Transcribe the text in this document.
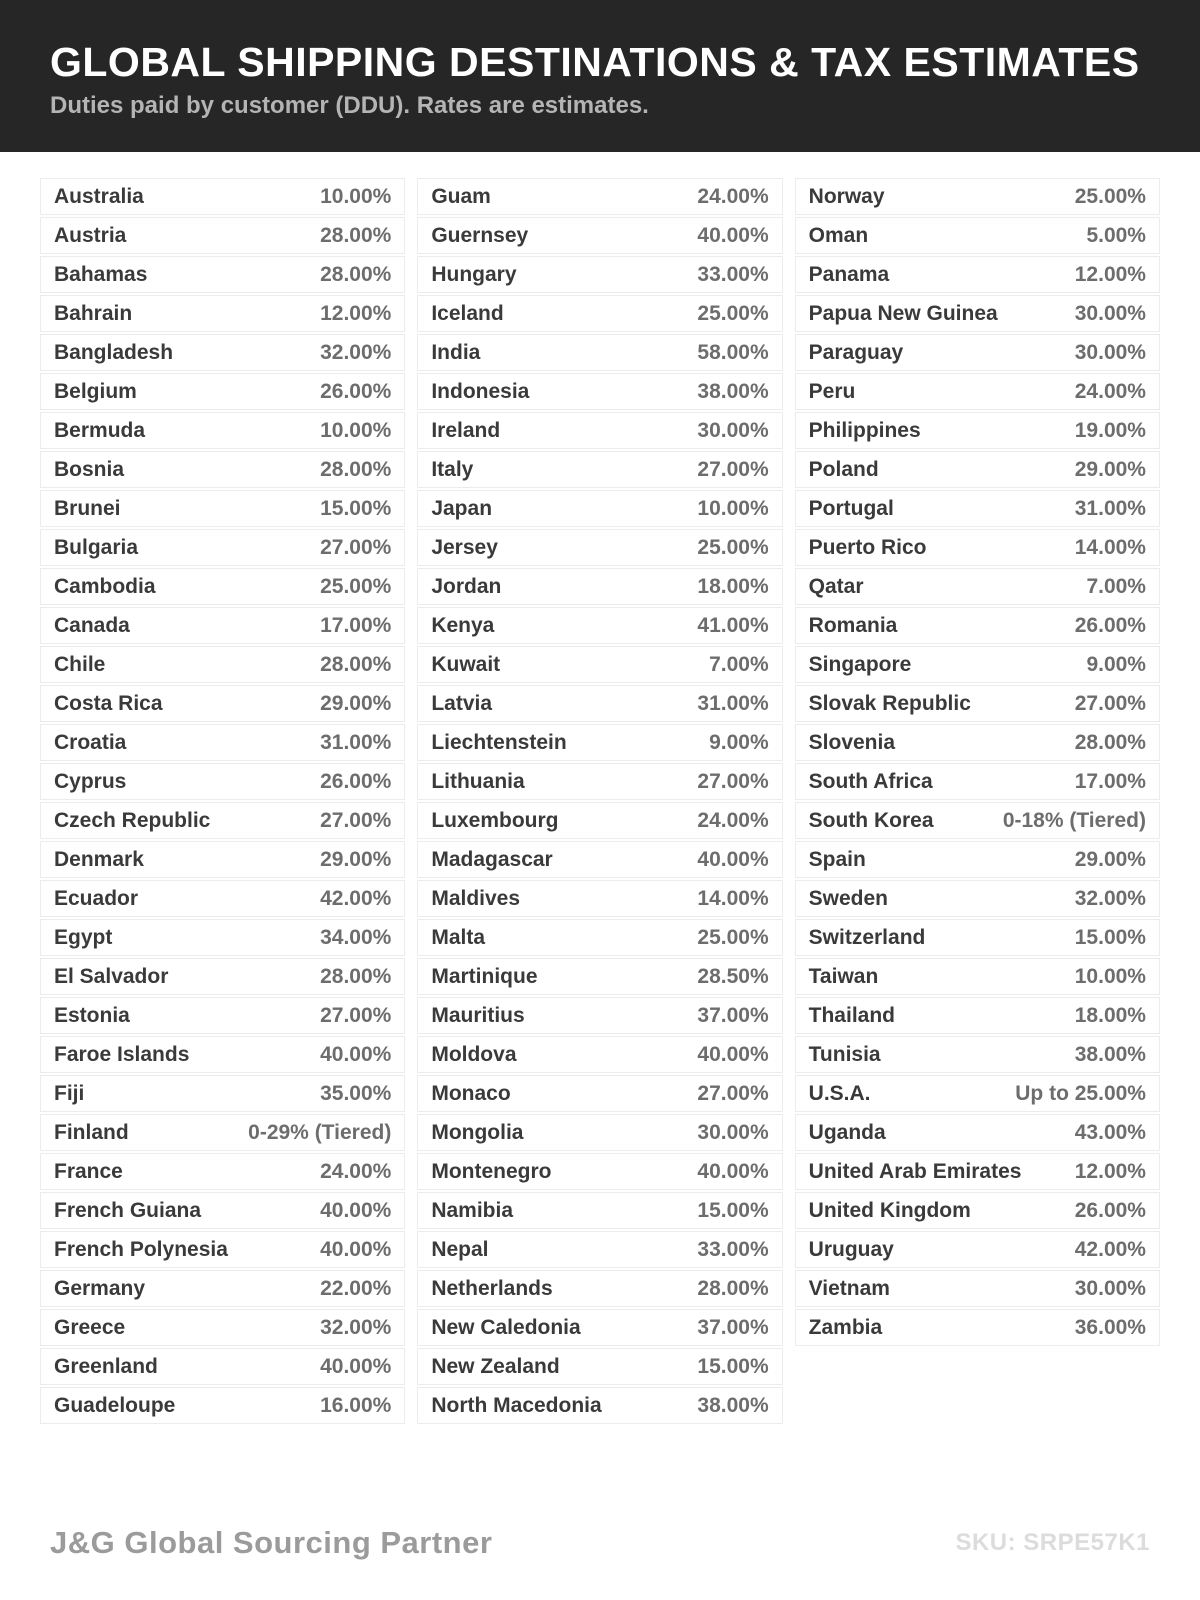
GLOBAL SHIPPING DESTINATIONS & TAX ESTIMATES

Duties paid by customer (DDU). Rates are estimates.

Australia	10.00%
Austria	28.00%
Bahamas	28.00%
Bahrain	12.00%
Bangladesh	32.00%
Belgium	26.00%
Bermuda	10.00%
Bosnia	28.00%
Brunei	15.00%
Bulgaria	27.00%
Cambodia	25.00%
Canada	17.00%
Chile	28.00%
Costa Rica	29.00%
Croatia	31.00%
Cyprus	26.00%
Czech Republic	27.00%
Denmark	29.00%
Ecuador	42.00%
Egypt	34.00%
El Salvador	28.00%
Estonia	27.00%
Faroe Islands	40.00%
Fiji	35.00%
Finland	0-29% (Tiered)
France	24.00%
French Guiana	40.00%
French Polynesia	40.00%
Germany	22.00%
Greece	32.00%
Greenland	40.00%
Guadeloupe	16.00%
Guam	24.00%
Guernsey	40.00%
Hungary	33.00%
Iceland	25.00%
India	58.00%
Indonesia	38.00%
Ireland	30.00%
Italy	27.00%
Japan	10.00%
Jersey	25.00%
Jordan	18.00%
Kenya	41.00%
Kuwait	7.00%
Latvia	31.00%
Liechtenstein	9.00%
Lithuania	27.00%
Luxembourg	24.00%
Madagascar	40.00%
Maldives	14.00%
Malta	25.00%
Martinique	28.50%
Mauritius	37.00%
Moldova	40.00%
Monaco	27.00%
Mongolia	30.00%
Montenegro	40.00%
Namibia	15.00%
Nepal	33.00%
Netherlands	28.00%
New Caledonia	37.00%
New Zealand	15.00%
North Macedonia	38.00%
Norway	25.00%
Oman	5.00%
Panama	12.00%
Papua New Guinea	30.00%
Paraguay	30.00%
Peru	24.00%
Philippines	19.00%
Poland	29.00%
Portugal	31.00%
Puerto Rico	14.00%
Qatar	7.00%
Romania	26.00%
Singapore	9.00%
Slovak Republic	27.00%
Slovenia	28.00%
South Africa	17.00%
South Korea	0-18% (Tiered)
Spain	29.00%
Sweden	32.00%
Switzerland	15.00%
Taiwan	10.00%
Thailand	18.00%
Tunisia	38.00%
U.S.A.	Up to 25.00%
Uganda	43.00%
United Arab Emirates	12.00%
United Kingdom	26.00%
Uruguay	42.00%
Vietnam	30.00%
Zambia	36.00%
J&G Global Sourcing Partner	SKU: SRPE57K1
